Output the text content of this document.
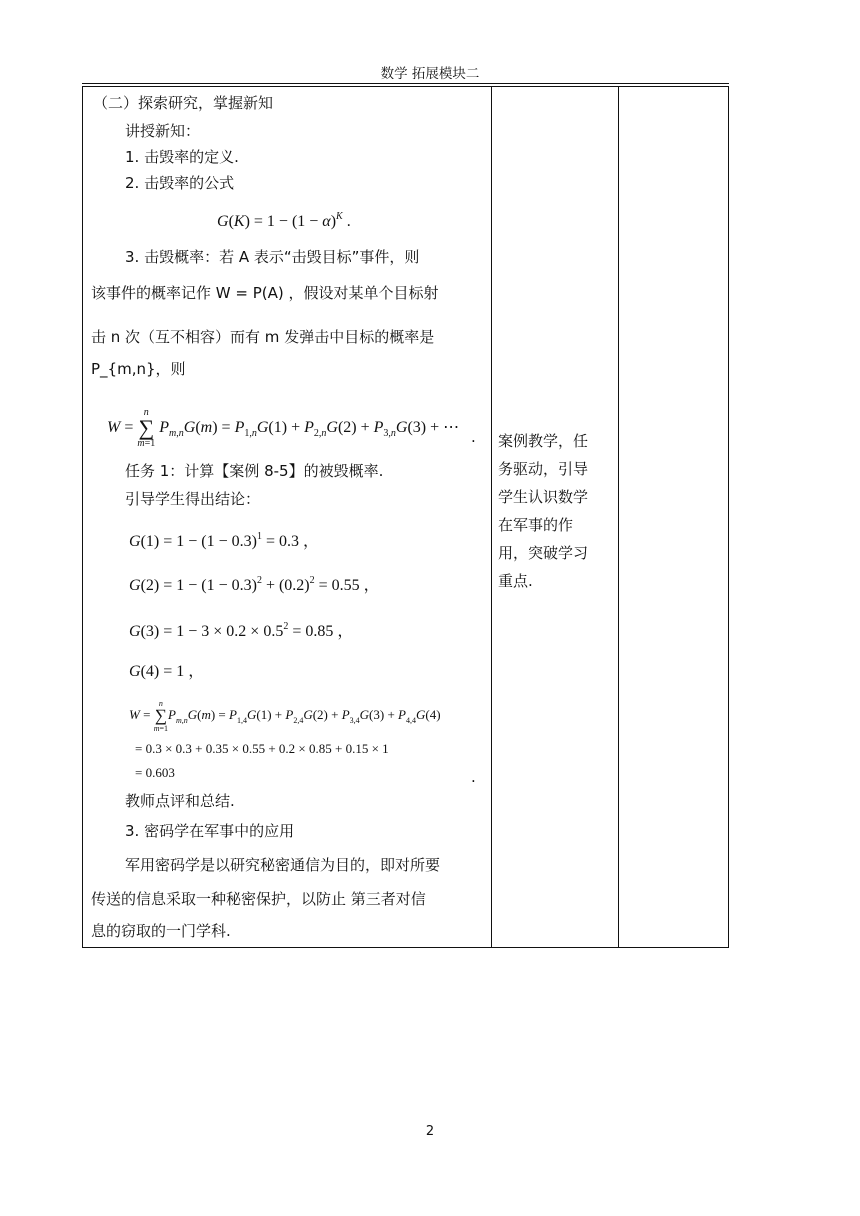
数学 拓展模块二
（二）探索研究，掌握新知
讲授新知：
1. 击毁率的定义.
2. 击毁率的公式
$G(K) = 1 - (1 - \alpha)^K$ .
3. 击毁概率：若 A 表示“击毁目标”事件，则
该事件的概率记作 W = P(A) ，假设对某单个目标射
击 n 次（互不相容）而有 m 发弹击中目标的概率是
P_{m,n}，则
W =
n
∑
m=1
$P_{m,n}G(m) = P_{1,n}G(1) + P_{2,n}G(2) + P_{3,n}G(3)$ + ⋯
.
任务 1：计算【案例 8-5】的被毁概率.
引导学生得出结论：
$G(1) = 1 - (1 - 0.3)^1 = 0.3$ ，
$G(2) = 1 - (1 - 0.3)^2 + (0.2)^2 = 0.55$ ，
$G(3) = 1 - 3 \times 0.2 \times 0.5^2 = 0.85$ ，
G(4) = 1 ，
W =
n
∑
m=1
$P_{m,n}G(m) = P_{1,4}G(1) + P_{2,4}G(2) + P_{3,4}G(3) + P_{4,4}G(4)$
= 0.3 × 0.3 + 0.35 × 0.55 + 0.2 × 0.85 + 0.15 × 1
= 0.603	.
教师点评和总结.
3. 密码学在军事中的应用
军用密码学是以研究秘密通信为目的，即对所要
传送的信息采取一种秘密保护，以防止 第三者对信
息的窃取的一门学科.
案例教学，任
务驱动，引导
学生认识数学
在军事的作
用，突破学习
重点.
2
